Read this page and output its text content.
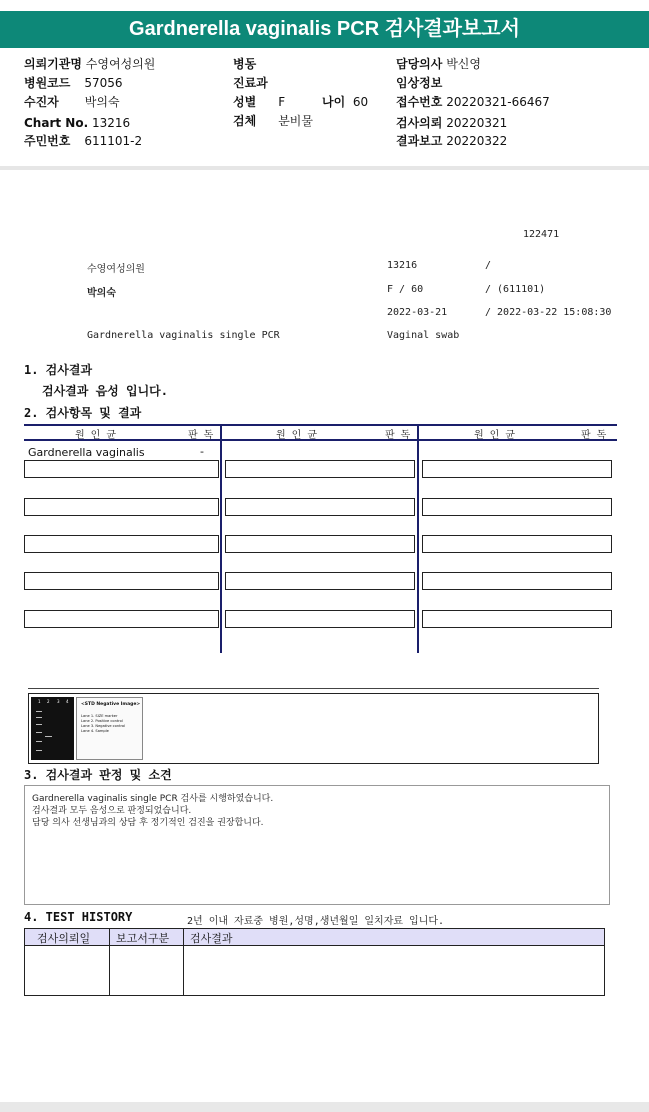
Gardnerella vaginalis PCR 검사결과보고서
의뢰기관명 수영여성의원
병원코드 57056
수진자 박의숙
Chart No. 13216
주민번호 611101-2
병동
진료과
성별 F	나이 60
검체 분비물
담당의사 박신영
임상정보
접수번호 20220321-66467
검사의뢰 20220321
결과보고 20220322
122471
수영여성의원	13216	/
박의숙	F / 60	/ (611101)
2022-03-21	/ 2022-03-22 15:08:30
Gardnerella vaginalis single PCR	Vaginal swab
1. 검사결과
검사결과 음성 입니다.
2. 검사항목 및 결과
원 인 균	판 독	원 인 균	판 독	원 인 균	판 독
Gardnerella vaginalis	-
1 2 3 4
<STD Negative Image>
Lane 1. SIZE marker
Lane 2. Positive control
Lane 3. Negative control
Lane 4. Sample
3. 검사결과 판정 및 소견
Gardnerella vaginalis single PCR 검사를 시행하였습니다.
검사결과 모두 음성으로 판정되었습니다.
담당 의사 선생님과의 상담 후 정기적인 검진을 권장합니다.
4. TEST HISTORY	2년 이내 자료중 병원,성명,생년월일 일치자료 입니다.
검사의뢰일 보고서구분 검사결과
